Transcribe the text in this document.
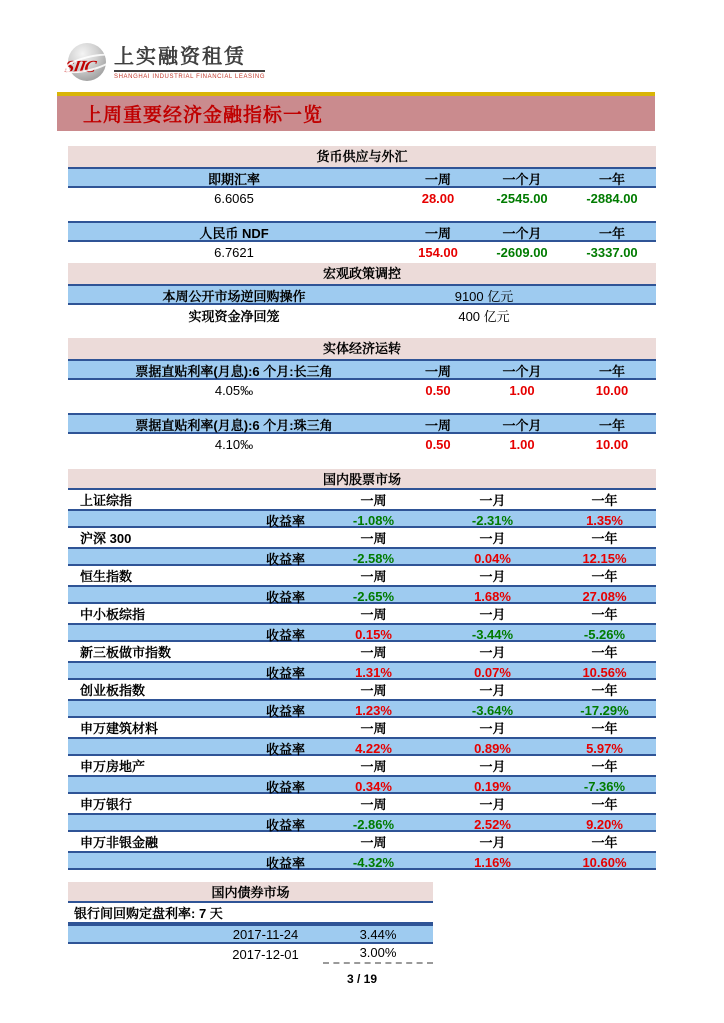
SIIC 上实融资租赁
SHANGHAI INDUSTRIAL FINANCIAL LEASING
上周重要经济金融指标一览
货币供应与外汇
即期汇率	一周	一个月	一年
6.6065	28.00	-2545.00	-2884.00
人民币 NDF	一周	一个月	一年
6.7621	154.00	-2609.00	-3337.00
宏观政策调控
本周公开市场逆回购操作	9100 亿元
实现资金净回笼	400 亿元
实体经济运转
票据直贴利率(月息):6 个月:长三角	一周	一个月	一年
4.05‰	0.50	1.00	10.00
票据直贴利率(月息):6 个月:珠三角	一周	一个月	一年
4.10‰	0.50	1.00	10.00
国内股票市场
上证综指	一周	一月	一年
收益率	-1.08%	-2.31%	1.35%
沪深 300	一周	一月	一年
收益率	-2.58%	0.04%	12.15%
恒生指数	一周	一月	一年
收益率	-2.65%	1.68%	27.08%
中小板综指	一周	一月	一年
收益率	0.15%	-3.44%	-5.26%
新三板做市指数	一周	一月	一年
收益率	1.31%	0.07%	10.56%
创业板指数	一周	一月	一年
收益率	1.23%	-3.64%	-17.29%
申万建筑材料	一周	一月	一年
收益率	4.22%	0.89%	5.97%
申万房地产	一周	一月	一年
收益率	0.34%	0.19%	-7.36%
申万银行	一周	一月	一年
收益率	-2.86%	2.52%	9.20%
申万非银金融	一周	一月	一年
收益率	-4.32%	1.16%	10.60%
国内债券市场
银行间回购定盘利率: 7 天
2017-11-24	3.44%
2017-12-01	3.00%
3 / 19
